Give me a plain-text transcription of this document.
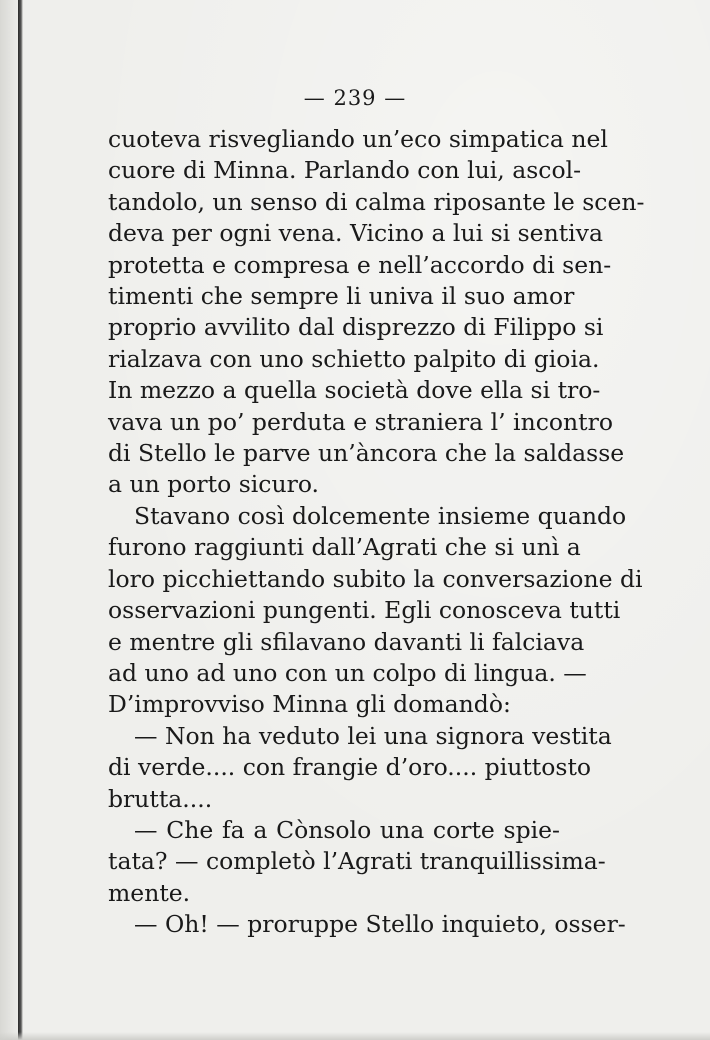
— 239 —
cuoteva risvegliando un’eco simpatica nel
cuore di Minna. Parlando con lui, ascol-
tandolo, un senso di calma riposante le scen-
deva per ogni vena. Vicino a lui si sentiva
protetta e compresa e nell’accordo di sen-
timenti che sempre li univa il suo amor
proprio avvilito dal disprezzo di Filippo si
rialzava con uno schietto palpito di gioia.
In mezzo a quella società dove ella si tro-
vava un po’ perduta e straniera l’ incontro
di Stello le parve un’àncora che la saldasse
a un porto sicuro.
Stavano così dolcemente insieme quando
furono raggiunti dall’Agrati che si unì a
loro picchiettando subito la conversazione di
osservazioni pungenti. Egli conosceva tutti
e mentre gli sfilavano davanti li falciava
ad uno ad uno con un colpo di lingua. —
D’improvviso Minna gli domandò:
— Non ha veduto lei una signora vestita
di verde.... con frangie d’oro.... piuttosto
brutta....
— Che fa a Cònsolo una corte spie-
tata? — completò l’Agrati tranquillissima-
mente.
— Oh! — proruppe Stello inquieto, osser-
